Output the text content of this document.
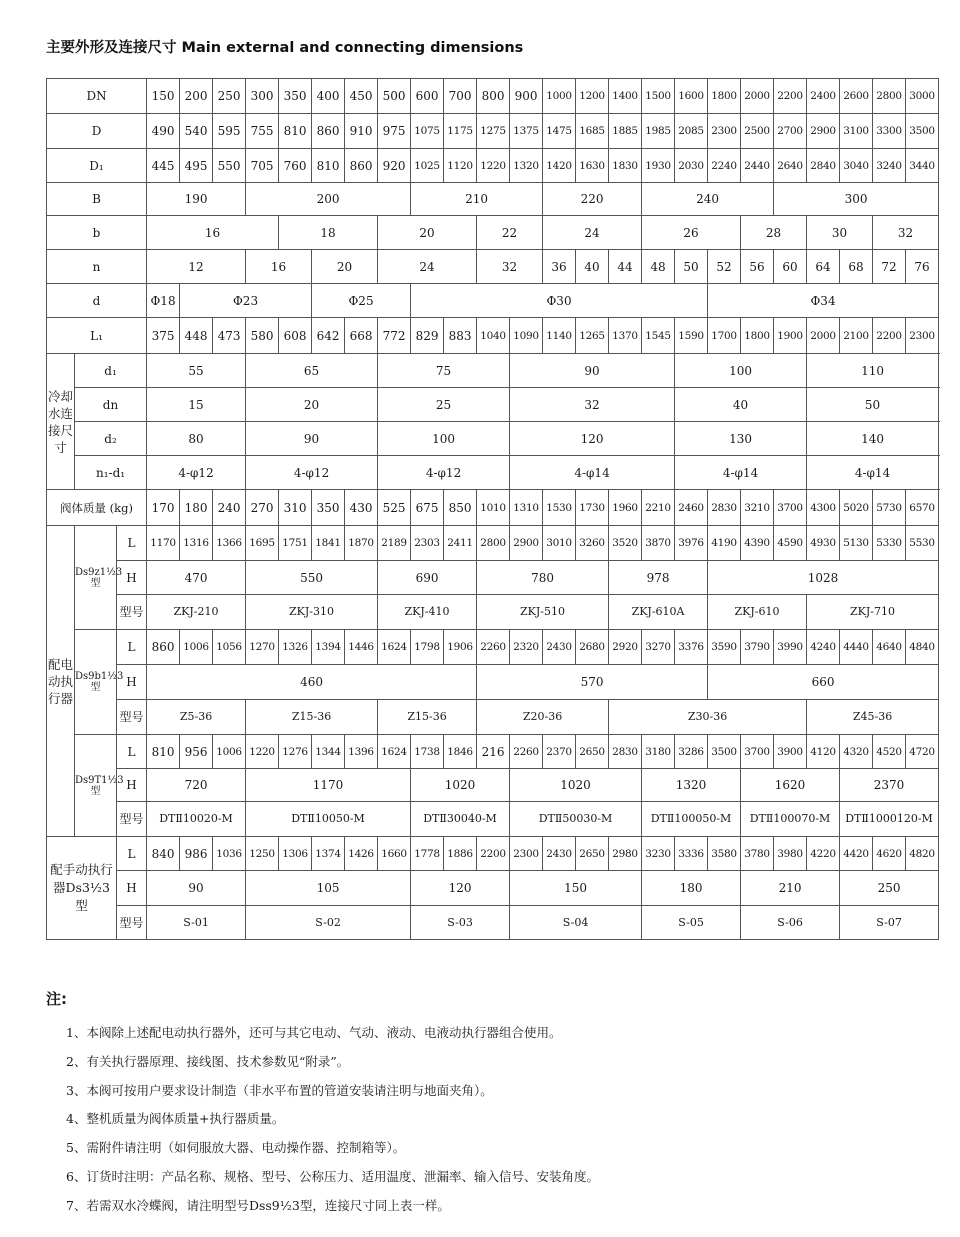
主要外形及连接尺寸 Main external and connecting dimensions
DN			150	200	250	300	350	400	450	500	600	700	800	900	1000	1200	1400	1500	1600	1800	2000	2200	2400	2600	2800	3000	
D			490	540	595	755	810	860	910	975	1075	1175	1275	1375	1475	1685	1885	1985	2085	2300	2500	2700	2900	3100	3300	3500	
D₁			445	495	550	705	760	810	860	920	1025	1120	1220	1320	1420	1630	1830	1930	2030	2240	2440	2640	2840	3040	3240	3440	
B			190			200					210				220			240				300					
b			16				18			20			22		24			26			28		30		32		
n			12			16		20		24			32		36	40	44	48	50	52	56	60	64	68	72	76	
d			Φ18	Φ23				Φ25			Φ30									Φ34							
L₁			375	448	473	580	608	642	668	772	829	883	1040	1090	1140	1265	1370	1545	1590	1700	1800	1900	2000	2100	2200	2300	
冷却水连接尺寸	d₁		55			65				75				90					100				110	
	dn		15			20				25				32					40				50	
	d₂		80			90				100				120					130				140	
	n₁-d₁		4-φ12			4-φ12				4-φ12				4-φ14					4-φ14				4-φ14	
阀体质量 (kg)			170	180	240	270	310	350	430	525	675	850	1010	1310	1530	1730	1960	2210	2460	2830	3210	3700	4300	5020	5730	6570	
配电动执行器	Ds9z1½3型	L	1170	1316	1366	1695	1751	1841	1870	2189	2303	2411	2800	2900	3010	3260	3520	3870	3976	4190	4390	4590	4930	5130	5330	5530	
		H	470			550				690			780				978			1028							
		型号	ZKJ-210			ZKJ-310				ZKJ-410			ZKJ-510				ZKJ-610A			ZKJ-610			ZKJ-710				
	Ds9b1½3型	L	860	1006	1056	1270	1326	1394	1446	1624	1798	1906	2260	2320	2430	2680	2920	3270	3376	3590	3790	3990	4240	4440	4640	4840	
		H	460										570							660							
		型号	Z5-36			Z15-36				Z15-36			Z20-36				Z30-36						Z45-36				
	Ds9T1½3型	L	810	956	1006	1220	1276	1344	1396	1624	1738	1846	216	2260	2370	2650	2830	3180	3286	3500	3700	3900	4120	4320	4520	4720	
		H	720			1170					1020			1020				1320			1620			2370			
		型号	DTⅡ10020-M			DTⅡ10050-M					DTⅡ30040-M			DTⅡ50030-M				DTⅡ100050-M			DTⅡ100070-M			DTⅡ1000120-M			
配手动执行器Ds3½3型		L	840	986	1036	1250	1306	1374	1426	1660	1778	1886	2200	2300	2430	2650	2980	3230	3336	3580	3780	3980	4220	4420	4620	4820	
		H	90			105					120			150				180			210			250			
		型号	S-01			S-02					S-03			S-04				S-05			S-06			S-07			
注:
1、本阀除上述配电动执行器外，还可与其它电动、气动、液动、电液动执行器组合使用。
2、有关执行器原理、接线图、技术参数见“附录”。
3、本阀可按用户要求设计制造（非水平布置的管道安装请注明与地面夹角）。
4、整机质量为阀体质量+执行器质量。
5、需附件请注明（如伺服放大器、电动操作器、控制箱等）。
6、订货时注明：产品名称、规格、型号、公称压力、适用温度、泄漏率、输入信号、安装角度。
7、若需双水冷蝶阀，请注明型号Dss9½3型，连接尺寸同上表一样。
